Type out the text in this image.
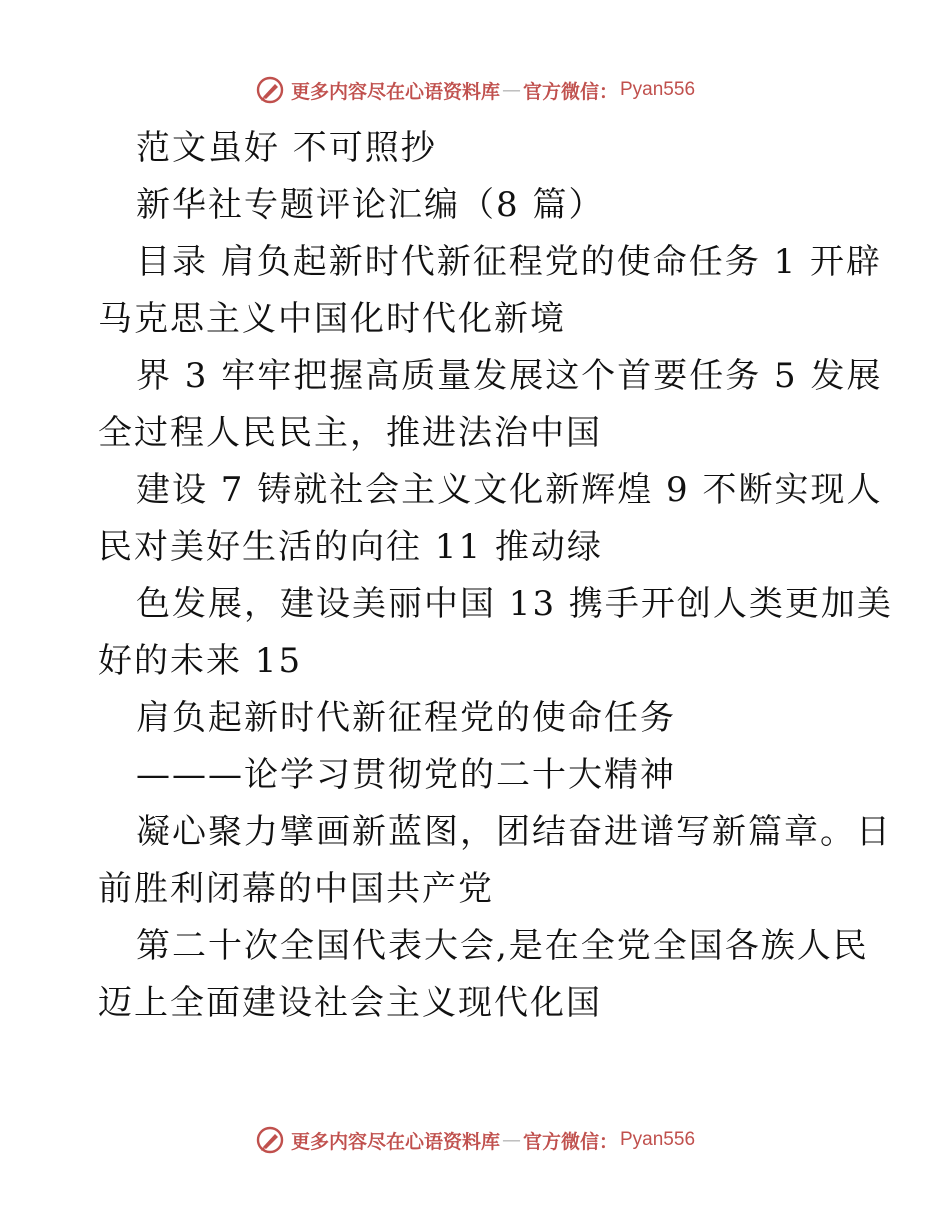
更多内容尽在心语资料库 — 官方微信： Pyan556
范文虽好 不可照抄
新华社专题评论汇编（8 篇）
目录 肩负起新时代新征程党的使命任务 1 开辟
马克思主义中国化时代化新境
界 3 牢牢把握高质量发展这个首要任务 5 发展
全过程人民民主，推进法治中国
建设 7 铸就社会主义文化新辉煌 9 不断实现人
民对美好生活的向往 11 推动绿
色发展，建设美丽中国 13 携手开创人类更加美
好的未来 15
肩负起新时代新征程党的使命任务
———论学习贯彻党的二十大精神
凝心聚力擘画新蓝图，团结奋进谱写新篇章。日
前胜利闭幕的中国共产党
第二十次全国代表大会,是在全党全国各族人民
迈上全面建设社会主义现代化国
更多内容尽在心语资料库 — 官方微信： Pyan556
